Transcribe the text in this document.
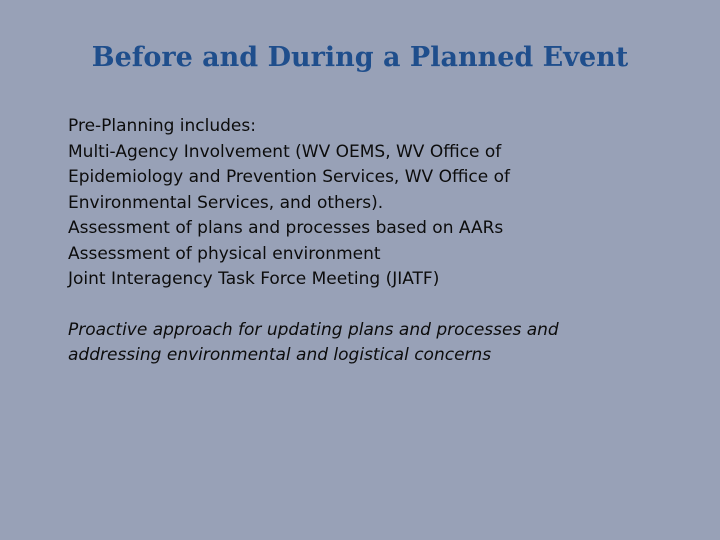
Before and During a Planned Event

Pre-Planning includes:

Multi-Agency Involvement (WV OEMS, WV Office of

Epidemiology and Prevention Services, WV Office of

Environmental Services, and others).

Assessment of plans and processes based on AARs

Assessment of physical environment

Joint Interagency Task Force Meeting (JIATF)

Proactive approach for updating plans and processes and

addressing environmental and logistical concerns
